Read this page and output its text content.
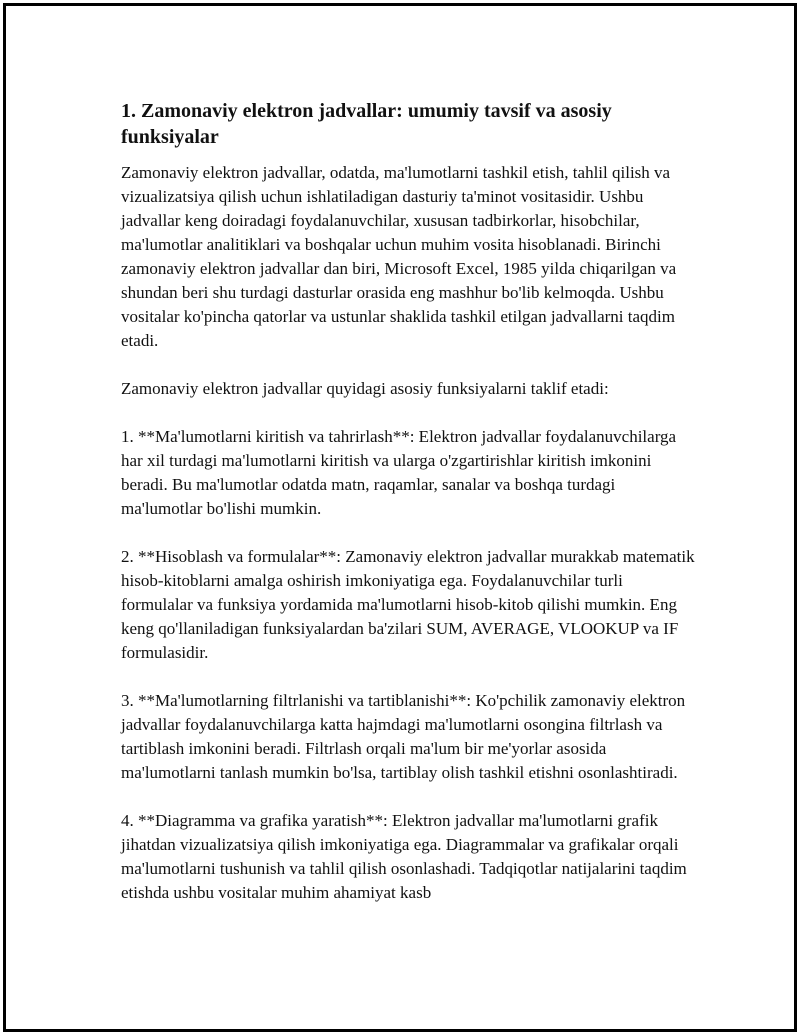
1. Zamonaviy elektron jadvallar: umumiy tavsif va asosiy funksiyalar

Zamonaviy elektron jadvallar, odatda, ma'lumotlarni tashkil etish, tahlil qilish va vizualizatsiya qilish uchun ishlatiladigan dasturiy ta'minot vositasidir. Ushbu jadvallar keng doiradagi foydalanuvchilar, xususan tadbirkorlar, hisobchilar, ma'lumotlar analitiklari va boshqalar uchun muhim vosita hisoblanadi. Birinchi zamonaviy elektron jadvallar dan biri, Microsoft Excel, 1985 yilda chiqarilgan va shundan beri shu turdagi dasturlar orasida eng mashhur bo'lib kelmoqda. Ushbu vositalar ko'pincha qatorlar va ustunlar shaklida tashkil etilgan jadvallarni taqdim etadi.

Zamonaviy elektron jadvallar quyidagi asosiy funksiyalarni taklif etadi:

1. **Ma'lumotlarni kiritish va tahrirlash**: Elektron jadvallar foydalanuvchilarga har xil turdagi ma'lumotlarni kiritish va ularga o'zgartirishlar kiritish imkonini beradi. Bu ma'lumotlar odatda matn, raqamlar, sanalar va boshqa turdagi ma'lumotlar bo'lishi mumkin.

2. **Hisoblash va formulalar**: Zamonaviy elektron jadvallar murakkab matematik hisob-kitoblarni amalga oshirish imkoniyatiga ega. Foydalanuvchilar turli formulalar va funksiya yordamida ma'lumotlarni hisob-kitob qilishi mumkin. Eng keng qo'llaniladigan funksiyalardan ba'zilari SUM, AVERAGE, VLOOKUP va IF formulasidir.

3. **Ma'lumotlarning filtrlanishi va tartiblanishi**: Ko'pchilik zamonaviy elektron jadvallar foydalanuvchilarga katta hajmdagi ma'lumotlarni osongina filtrlash va tartiblash imkonini beradi. Filtrlash orqali ma'lum bir me'yorlar asosida ma'lumotlarni tanlash mumkin bo'lsa, tartiblay olish tashkil etishni osonlashtiradi.

4. **Diagramma va grafika yaratish**: Elektron jadvallar ma'lumotlarni grafik jihatdan vizualizatsiya qilish imkoniyatiga ega. Diagrammalar va grafikalar orqali ma'lumotlarni tushunish va tahlil qilish osonlashadi. Tadqiqotlar natijalarini taqdim etishda ushbu vositalar muhim ahamiyat kasb
